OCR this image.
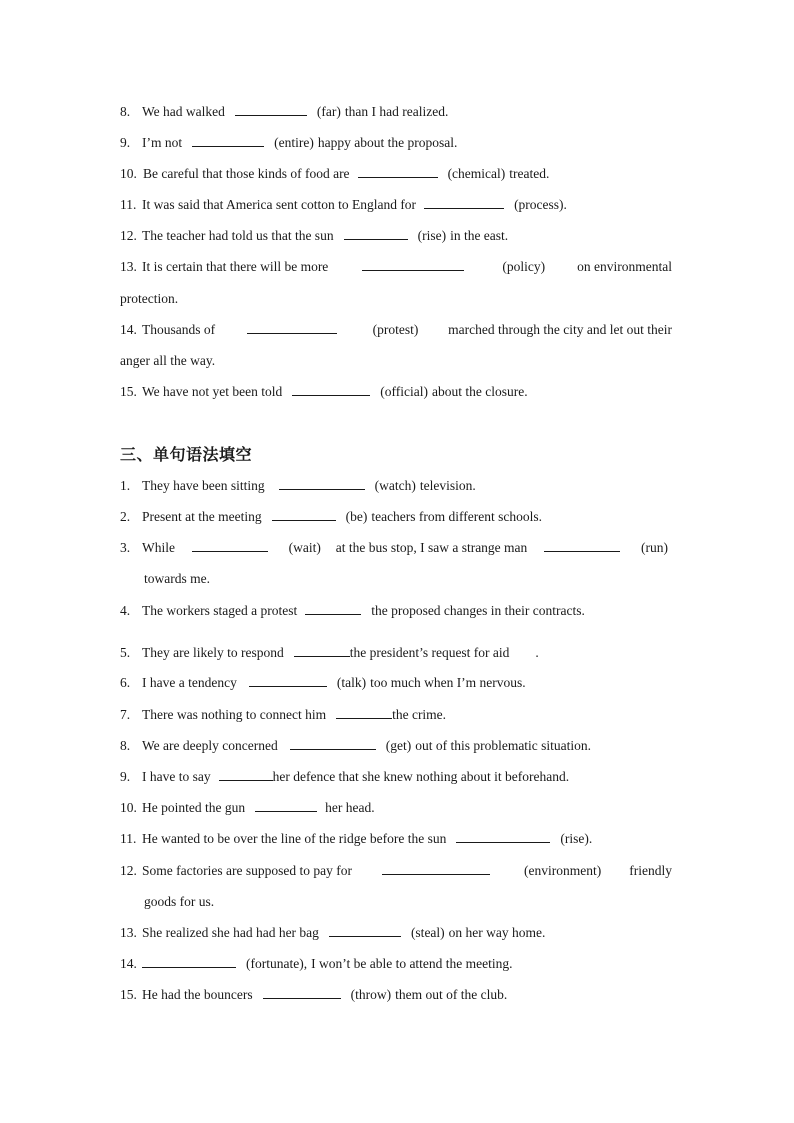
8. We had walked	(far) than I had realized.
9. I’m not	(entire) happy about the proposal.
10. Be careful that those kinds of food are	(chemical) treated.
11. It was said that America sent cotton to England for	(process).
12. The teacher had told us that the sun	(rise) in the east.
13. It is certain that there will be more	(policy) on environmental
protection.
14. Thousands of	(protest) marched through the city and let out their
anger all the way.
15. We have not yet been told	(official) about the closure.
三、单句语法填空
1. They have been sitting	(watch) television.
2. Present at the meeting	(be) teachers from different schools.
3. While	(wait) at the bus stop, I saw a strange man	(run)
towards me.
4. The workers staged a protest	the proposed changes in their contracts.
5. They are likely to respond	the president’s request for aid .
6. I have a tendency	(talk) too much when I’m nervous.
7. There was nothing to connect him	the crime.
8. We are deeply concerned	(get) out of this problematic situation.
9. I have to say	her defence that she knew nothing about it beforehand.
10. He pointed the gun	her head.
11. He wanted to be over the line of the ridge before the sun	(rise).
12. Some factories are supposed to pay for	(environment) friendly
goods for us.
13. She realized she had had her bag	(steal) on her way home.
14.	(fortunate), I won’t be able to attend the meeting.
15. He had the bouncers	(throw) them out of the club.
